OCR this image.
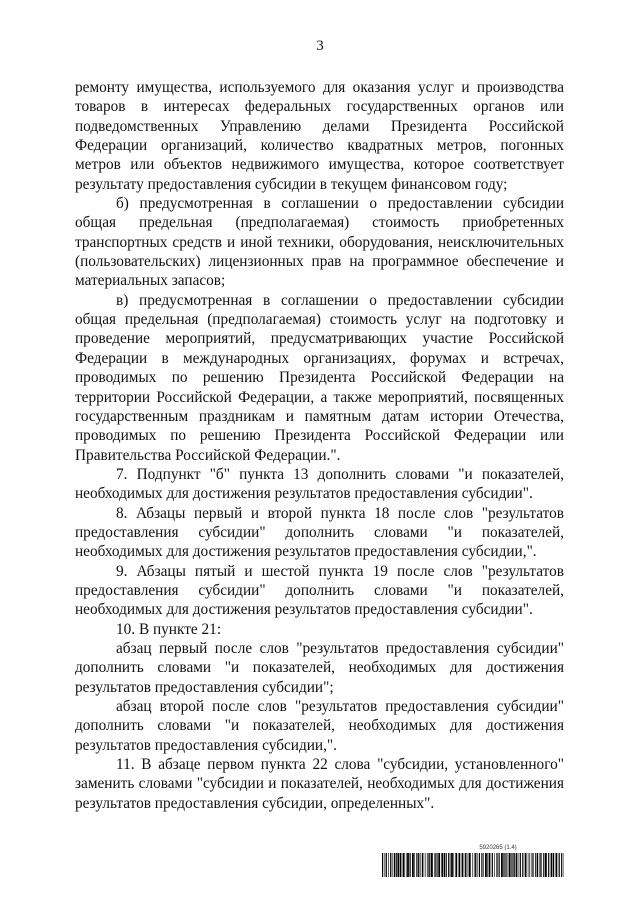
3

ремонту имущества, используемого для оказания услуг и производства товаров в интересах федеральных государственных органов или подведомственных Управлению делами Президента Российской Федерации организаций, количество квадратных метров, погонных метров или объектов недвижимого имущества, которое соответствует результату предоставления субсидии в текущем финансовом году;

б) предусмотренная в соглашении о предоставлении субсидии общая предельная (предполагаемая) стоимость приобретенных транспортных средств и иной техники, оборудования, неисключительных (пользовательских) лицензионных прав на программное обеспечение и материальных запасов;

в) предусмотренная в соглашении о предоставлении субсидии общая предельная (предполагаемая) стоимость услуг на подготовку и проведение мероприятий, предусматривающих участие Российской Федерации в международных организациях, форумах и встречах, проводимых по решению Президента Российской Федерации на территории Российской Федерации, а также мероприятий, посвященных государственным праздникам и памятным датам истории Отечества, проводимых по решению Президента Российской Федерации или Правительства Российской Федерации.".

7. Подпункт "б" пункта 13 дополнить словами "и показателей, необходимых для достижения результатов предоставления субсидии".

8. Абзацы первый и второй пункта 18 после слов "результатов предоставления субсидии" дополнить словами "и показателей, необходимых для достижения результатов предоставления субсидии,".

9. Абзацы пятый и шестой пункта 19 после слов "результатов предоставления субсидии" дополнить словами "и показателей, необходимых для достижения результатов предоставления субсидии".

10. В пункте 21:

абзац первый после слов "результатов предоставления субсидии" дополнить словами "и показателей, необходимых для достижения результатов предоставления субсидии";

абзац второй после слов "результатов предоставления субсидии" дополнить словами "и показателей, необходимых для достижения результатов предоставления субсидии,".

11. В абзаце первом пункта 22 слова "субсидии, установленного" заменить словами "субсидии и показателей, необходимых для достижения результатов предоставления субсидии, определенных".

5920265 (1.4)
